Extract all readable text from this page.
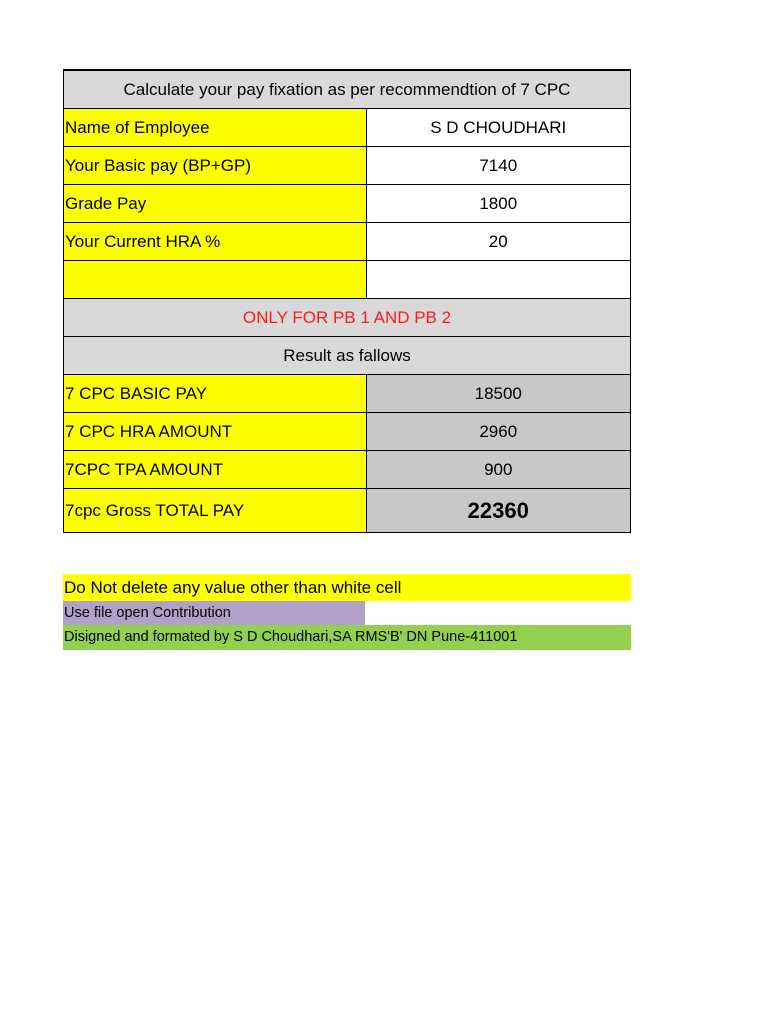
Calculate your pay fixation as per recommendtion of 7 CPC	
Name of Employee	S D CHOUDHARI
Your Basic pay (BP+GP)	7140
Grade Pay	1800
Your Current HRA %	20

ONLY FOR PB 1 AND PB 2	
Result as fallows	
7 CPC BASIC PAY	18500
7 CPC HRA AMOUNT	2960
7CPC TPA AMOUNT	900
7cpc Gross TOTAL PAY	22360
Do Not delete any value other than white cell
Use file open Contribution
Disigned and formated by S D Choudhari,SA RMS'B' DN Pune-411001
